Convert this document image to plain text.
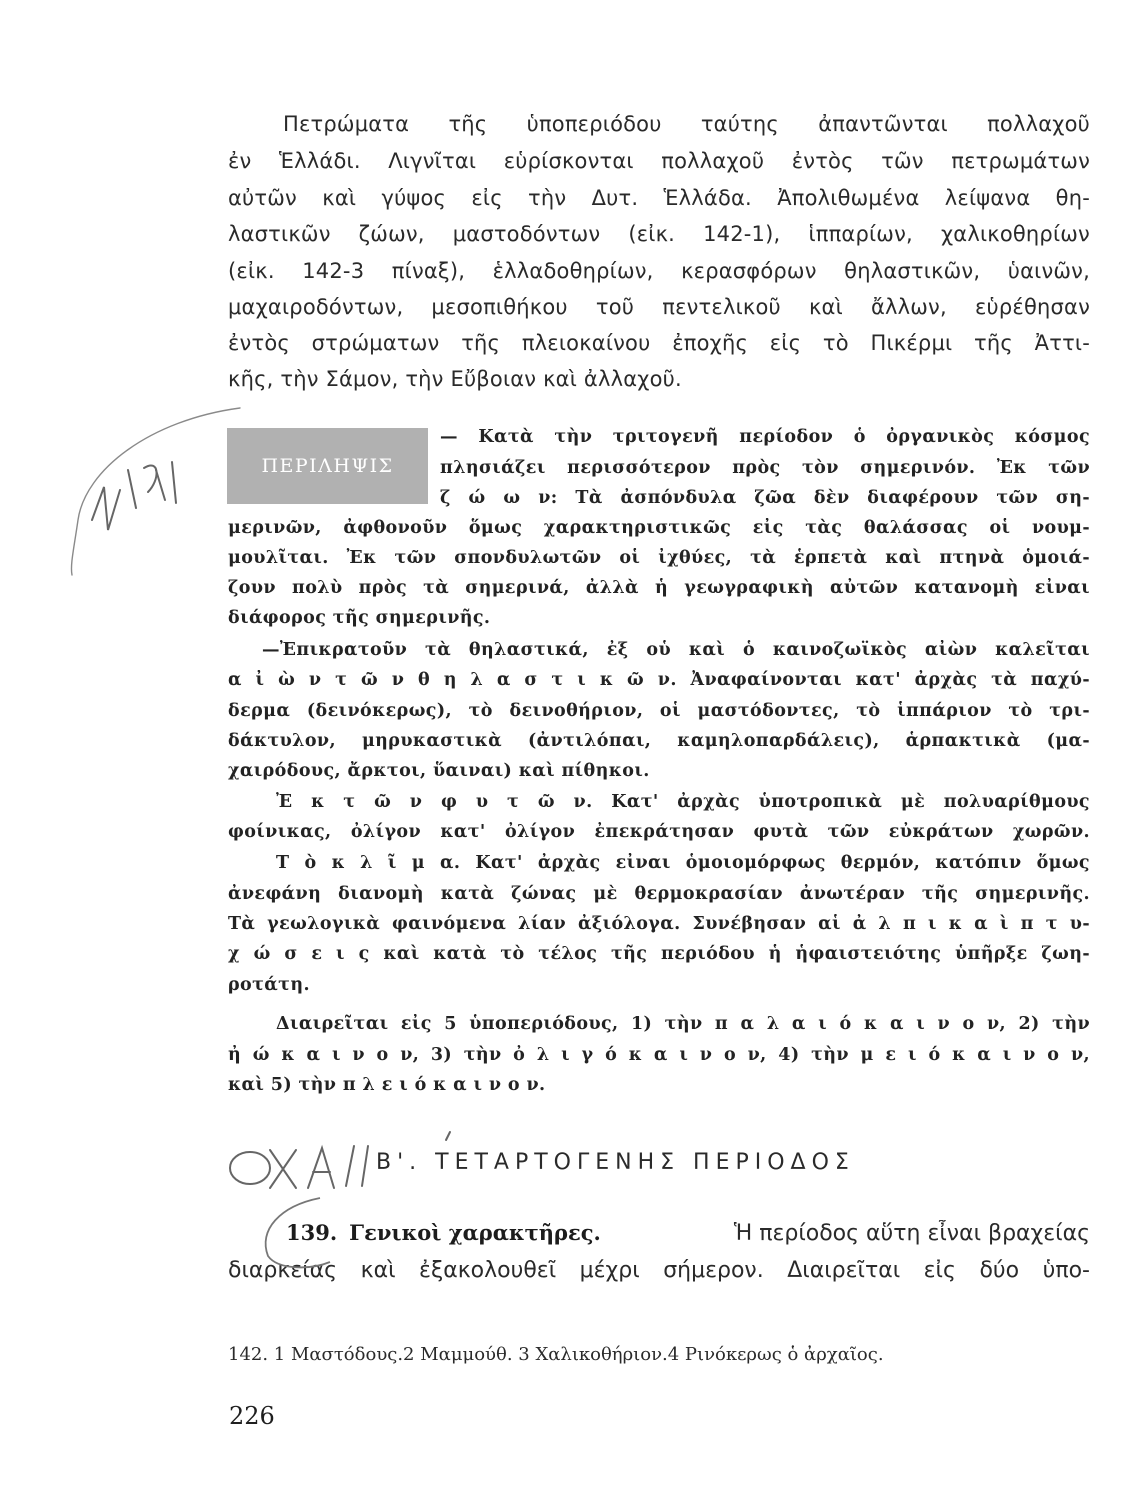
Πετρώματα τῆς ὑποπεριόδου ταύτης ἀπαντῶνται πολλαχοῦ
ἐν Ἑλλάδι. Λιγνῖται εὑρίσκονται πολλαχοῦ ἐντὸς τῶν πετρωμάτων
αὐτῶν καὶ γύψος εἰς τὴν Δυτ. Ἑλλάδα. Ἀπολιθωμένα λείψανα θη-
λαστικῶν ζώων, μαστοδόντων (εἰκ. 142-1), ἱππαρίων, χαλικοθηρίων
(εἰκ. 142-3 πίναξ), ἑλλαδοθηρίων, κερασφόρων θηλαστικῶν, ὑαινῶν,
μαχαιροδόντων, μεσοπιθήκου τοῦ πεντελικοῦ καὶ ἄλλων, εὑρέθησαν
ἐντὸς στρώματων τῆς πλειοκαίνου ἐποχῆς εἰς τὸ Πικέρμι τῆς Ἀττι-
κῆς, τὴν Σάμον, τὴν Εὔβοιαν καὶ ἀλλαχοῦ.
ΠΕΡΙΛΗΨΙΣ
— Κατὰ τὴν τριτογενῆ περίοδον ὁ ὀργανικὸς κόσμος
πλησιάζει περισσότερον πρὸς τὸν σημερινόν. Ἐκ τῶν
ζ ώ ω ν: Τὰ ἀσπόνδυλα ζῶα δὲν διαφέρουν τῶν ση-
μερινῶν, ἀφθονοῦν ὅμως χαρακτηριστικῶς εἰς τὰς θαλάσσας οἱ νουμ-
μουλῖται. Ἐκ τῶν σπονδυλωτῶν οἱ ἰχθύες, τὰ ἑρπετὰ καὶ πτηνὰ ὁμοιά-
ζουν πολὺ πρὸς τὰ σημερινά, ἀλλὰ ἡ γεωγραφικὴ αὐτῶν κατανομὴ εἶναι
διάφορος τῆς σημερινῆς.
—Ἐπικρατοῦν τὰ θηλαστικά, ἐξ οὗ καὶ ὁ καινοζωϊκὸς αἰὼν καλεῖται
α ἰ ὼ ν τ ῶ ν θ η λ α σ τ ι κ ῶ ν. Ἀναφαίνονται κατ' ἀρχὰς τὰ παχύ-
δερμα (δεινόκερως), τὸ δεινοθήριον, οἱ μαστόδοντες, τὸ ἱππάριον τὸ τρι-
δάκτυλον, μηρυκαστικὰ (ἀντιλόπαι, καμηλοπαρδάλεις), ἁρπακτικὰ (μα-
χαιρόδους, ἄρκτοι, ὕαιναι) καὶ πίθηκοι.
Ἐ κ τ ῶ ν φ υ τ ῶ ν. Κατ' ἀρχὰς ὑποτροπικὰ μὲ πολυαρίθμους
φοίνικας, ὀλίγον κατ' ὀλίγον ἐπεκράτησαν φυτὰ τῶν εὐκράτων χωρῶν.
Τ ὸ κ λ ῖ μ α. Κατ' ἀρχὰς εἶναι ὁμοιομόρφως θερμόν, κατόπιν ὅμως
ἀνεφάνη διανομὴ κατὰ ζώνας μὲ θερμοκρασίαν ἀνωτέραν τῆς σημερινῆς.
Τὰ γεωλογικὰ φαινόμενα λίαν ἀξιόλογα. Συνέβησαν αἱ ἀ λ π ι κ α ὶ π τ υ-
χ ώ σ ε ι ς καὶ κατὰ τὸ τέλος τῆς περιόδου ἡ ἡφαιστειότης ὑπῆρξε ζωη-
ροτάτη.
Διαιρεῖται εἰς 5 ὑποπεριόδους, 1) τὴν π α λ α ι ό κ α ι ν ο ν, 2) τὴν
ἠ ώ κ α ι ν ο ν, 3) τὴν ὀ λ ι γ ό κ α ι ν ο ν, 4) τὴν μ ε ι ό κ α ι ν ο ν,
καὶ 5) τὴν π λ ε ι ό κ α ι ν ο ν.
Β'. ΤΕΤΑΡΤΟΓΕΝΗΣ ΠΕΡΙΟΔΟΣ
139. Γενικοὶ χαρακτῆρες.	Ἡ περίοδος αὕτη εἶναι βραχείας
διαρκείας καὶ ἐξακολουθεῖ μέχρι σήμερον. Διαιρεῖται εἰς δύο ὑπο-
142. 1 Μαστόδους.2 Μαμμούθ. 3 Χαλικοθήριον.4 Ρινόκερως ὁ ἀρχαῖος.
226
